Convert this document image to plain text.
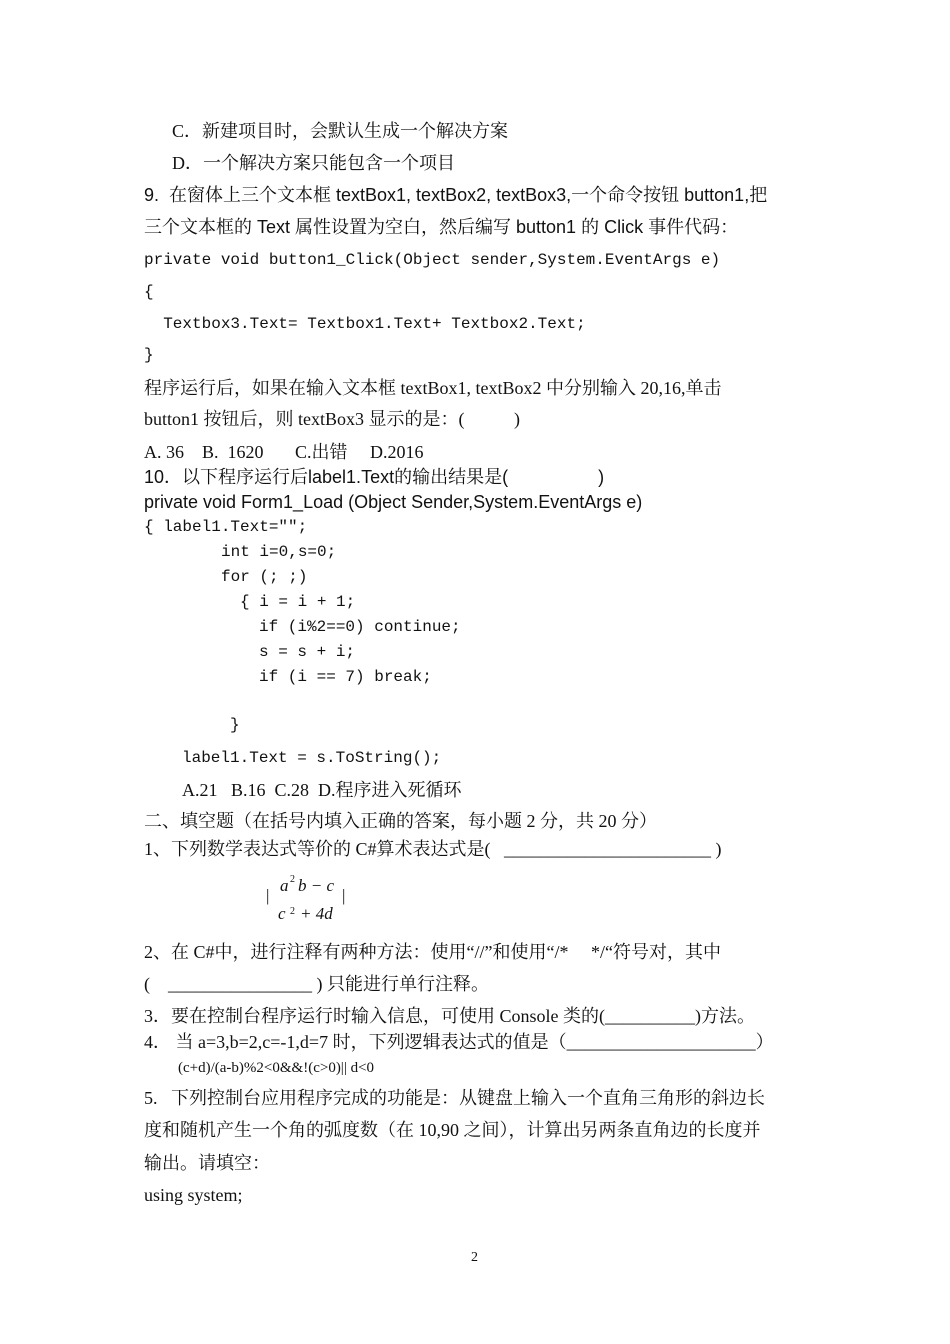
C．新建项目时，会默认生成一个解决方案
D．一个解决方案只能包含一个项目
9.  在窗体上三个文本框 textBox1, textBox2, textBox3,一个命令按钮 button1,把
三个文本框的 Text 属性设置为空白，然后编写 button1 的 Click 事件代码：
private void button1_Click(Object sender,System.EventArgs e)
{
Textbox3.Text= Textbox1.Text+ Textbox2.Text;
}
程序运行后，如果在输入文本框 textBox1, textBox2 中分别输入 20,16,单击
button1 按钮后，则 textBox3 显示的是：(           )
A. 36    B.  1620       C.出错     D.2016
10．以下程序运行后label1.Text的输出结果是(                  )
private void Form1_Load (Object Sender,System.EventArgs e)
{ label1.Text="";
int i=0,s=0;
for (; ;)
{ i = i + 1;
if (i%2==0) continue;
s = s + i;
if (i == 7) break;
}
label1.Text = s.ToString();
A.21   B.16  C.28  D.程序进入死循环
二、填空题（在括号内填入正确的答案，每小题 2 分，共 20 分）
1、下列数学表达式等价的 C#算术表达式是(   _______________________ )
|
a 2 b − c
c 2 + 4d
|
2、在 C#中，进行注释有两种方法：使用“//”和使用“/*     */“符号对，其中
(    ________________ ) 只能进行单行注释。
3．要在控制台程序运行时输入信息，可使用 Console 类的(__________)方法。
4． 当 a=3,b=2,c=-1,d=7 时，下列逻辑表达式的值是（_____________________）
(c+d)/(a-b)%2<0&&!(c>0)|| d<0
5.   下列控制台应用程序完成的功能是：从键盘上输入一个直角三角形的斜边长
度和随机产生一个角的弧度数（在 10,90 之间），计算出另两条直角边的长度并
输出。请填空：
using system;
2
